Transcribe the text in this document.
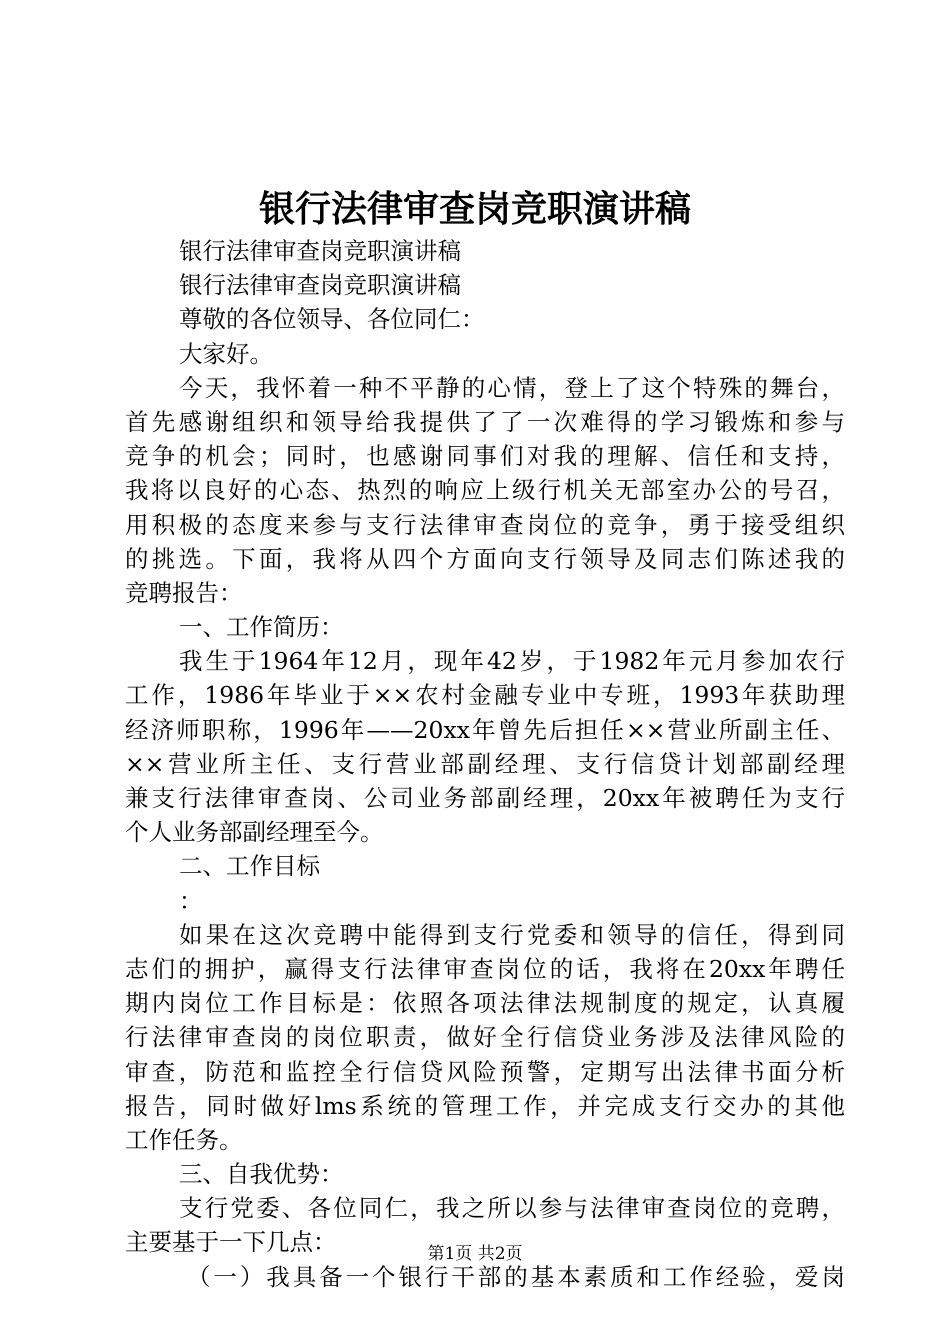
银行法律审查岗竞职演讲稿
银行法律审查岗竞职演讲稿
银行法律审查岗竞职演讲稿
尊敬的各位领导、各位同仁：
大家好。
今天，我怀着一种不平静的心情，登上了这个特殊的舞台，
首先感谢组织和领导给我提供了了一次难得的学习锻炼和参与
竞争的机会；同时，也感谢同事们对我的理解、信任和支持，
我将以良好的心态、热烈的响应上级行机关无部室办公的号召，
用积极的态度来参与支行法律审查岗位的竞争，勇于接受组织
的挑选。下面，我将从四个方面向支行领导及同志们陈述我的
竞聘报告：
一、工作简历：
我生于1964年12月，现年42岁，于1982年元月参加农行
工作，1986年毕业于××农村金融专业中专班，1993年获助理
经济师职称，1996年——20xx年曾先后担任××营业所副主任、
××营业所主任、支行营业部副经理、支行信贷计划部副经理
兼支行法律审查岗、公司业务部副经理，20xx年被聘任为支行
个人业务部副经理至今。
二、工作目标
：
如果在这次竞聘中能得到支行党委和领导的信任，得到同
志们的拥护，赢得支行法律审查岗位的话，我将在20xx年聘任
期内岗位工作目标是：依照各项法律法规制度的规定，认真履
行法律审查岗的岗位职责，做好全行信贷业务涉及法律风险的
审查，防范和监控全行信贷风险预警，定期写出法律书面分析
报告，同时做好lms系统的管理工作，并完成支行交办的其他
工作任务。
三、自我优势：
支行党委、各位同仁，我之所以参与法律审查岗位的竞聘，
主要基于一下几点：
（一）我具备一个银行干部的基本素质和工作经验，爱岗
第1页 共2页
